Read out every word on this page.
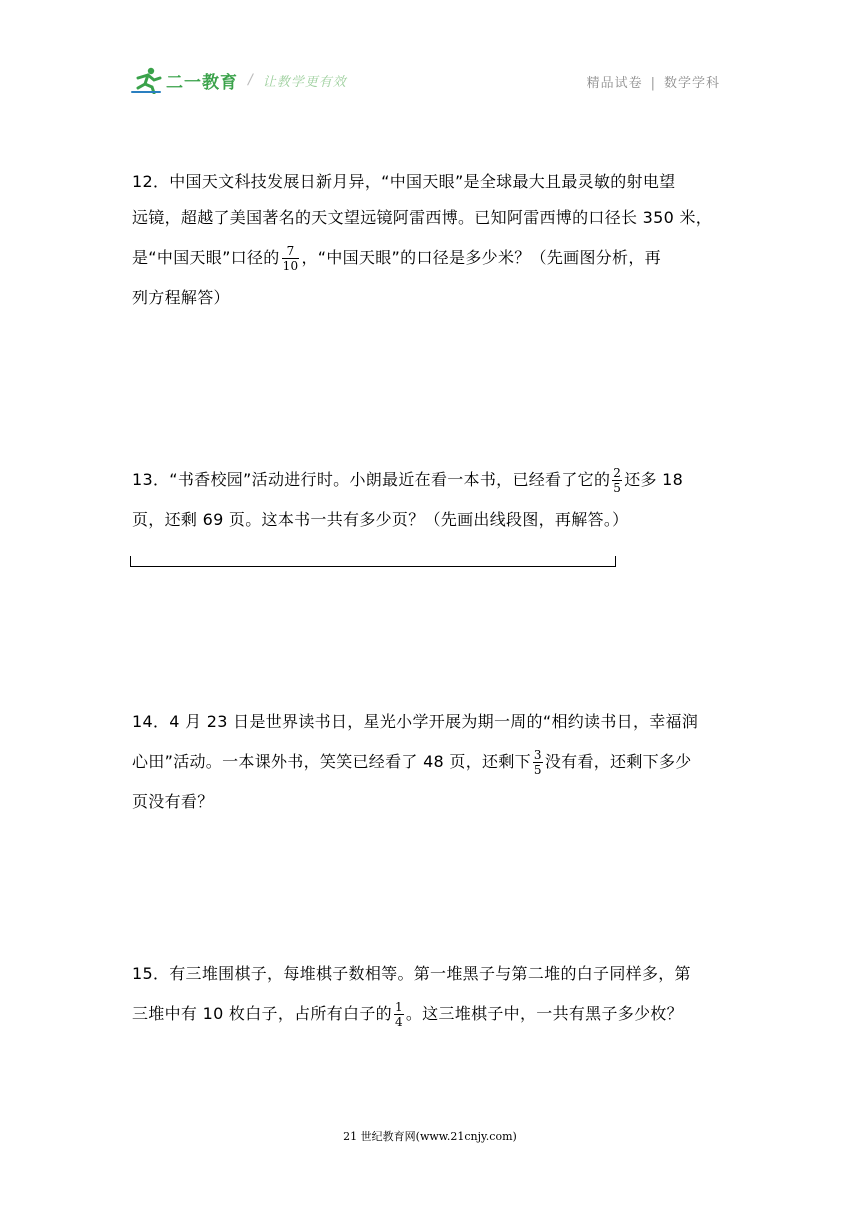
二一教育 / 让教学更有效	精品试卷 | 数学学科
12．中国天文科技发展日新月异，“中国天眼”是全球最大且最灵敏的射电望
远镜，超越了美国著名的天文望远镜阿雷西博。已知阿雷西博的口径长 350 米，
是“中国天眼”口径的 $\frac{7}{10}$ ，“中国天眼”的口径是多少米？（先画图分析，再
列方程解答）
13．“书香校园”活动进行时。小朗最近在看一本书，已经看了它的 $\frac{2}{5}$ 还多 18
页，还剩 69 页。这本书一共有多少页？（先画出线段图，再解答。）
14．4 月 23 日是世界读书日，星光小学开展为期一周的“相约读书日，幸福润
心田”活动。一本课外书，笑笑已经看了 48 页，还剩下 $\frac{3}{5}$ 没有看，还剩下多少
页没有看？
15．有三堆围棋子，每堆棋子数相等。第一堆黑子与第二堆的白子同样多，第
三堆中有 10 枚白子，占所有白子的 $\frac{1}{4}$ 。这三堆棋子中，一共有黑子多少枚？
21 世纪教育网(www.21cnjy.com)
